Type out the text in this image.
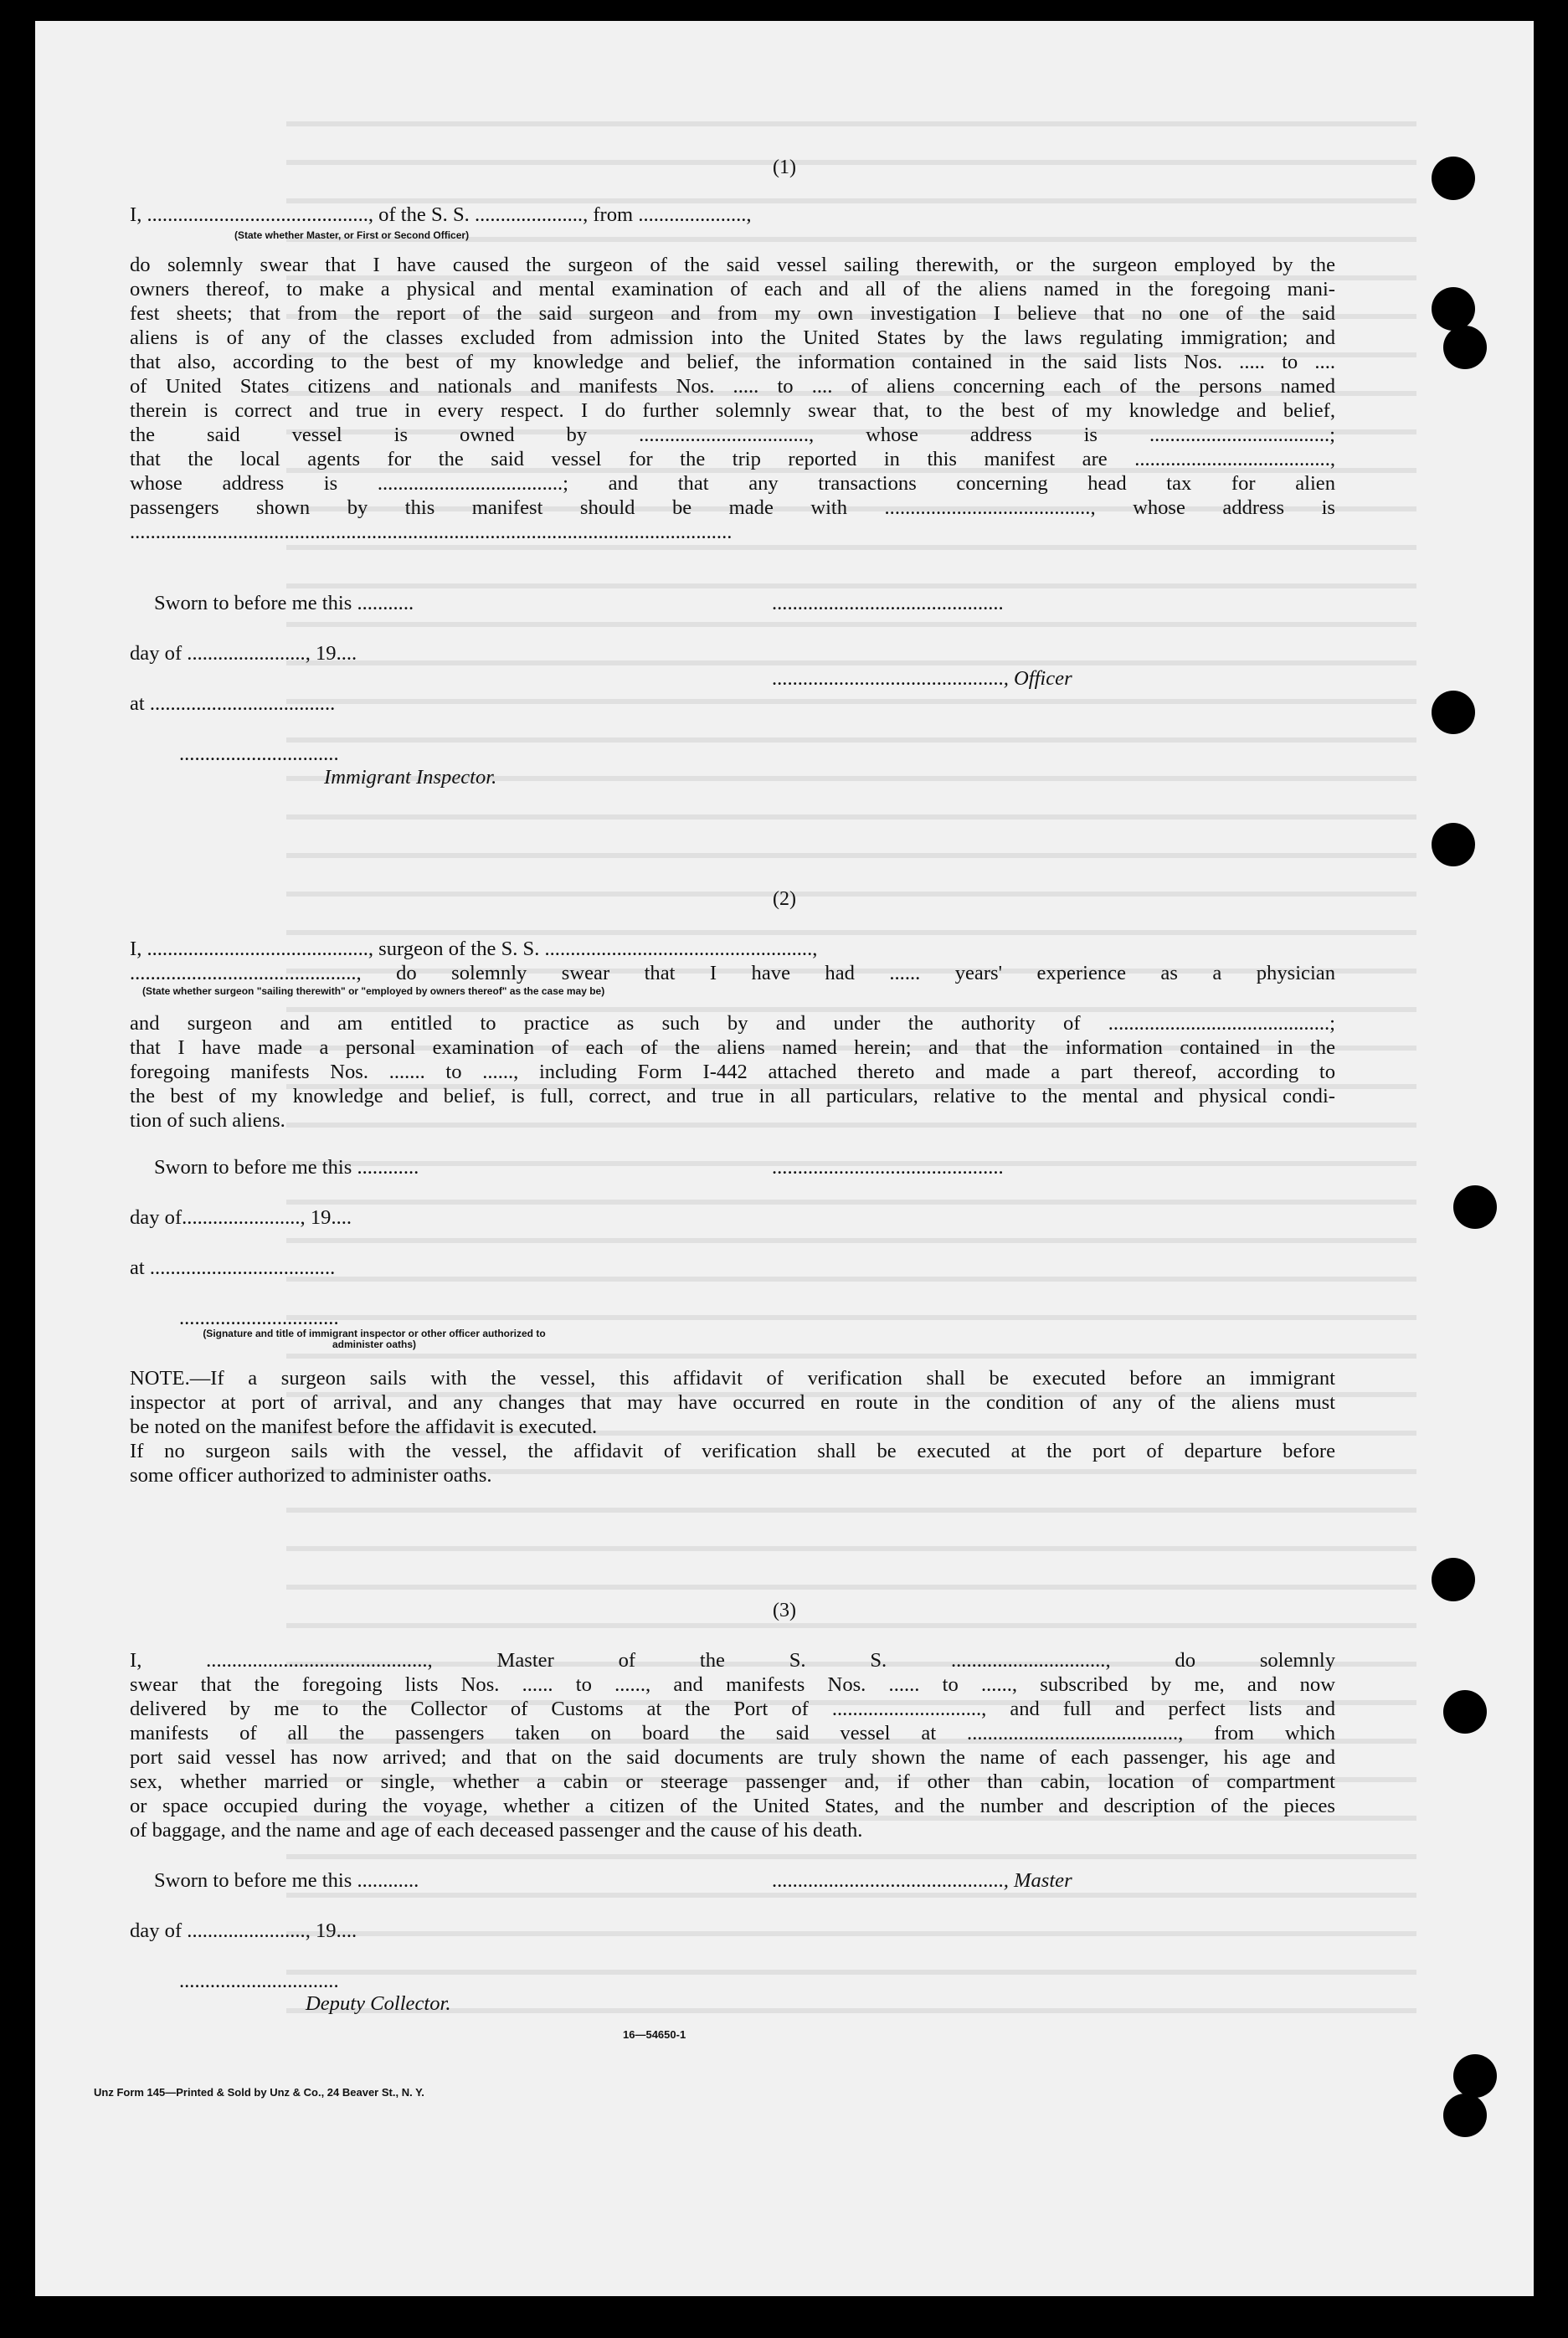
(1)
I, ..........................................., of the S. S. ....................., from .....................,
(State whether Master, or First or Second Officer)
do solemnly swear that I have caused the surgeon of the said vessel sailing therewith, or the surgeon employed by the
owners thereof, to make a physical and mental examination of each and all of the aliens named in the foregoing mani-
fest sheets; that from the report of the said surgeon and from my own investigation I believe that no one of the said
aliens is of any of the classes excluded from admission into the United States by the laws regulating immigration; and
that also, according to the best of my knowledge and belief, the information contained in the said lists Nos. ..... to ....
of United States citizens and nationals and manifests Nos. ..... to .... of aliens concerning each of the persons named
therein is correct and true in every respect. I do further solemnly swear that, to the best of my knowledge and belief,
the said vessel is owned by ................................., whose address is ...................................;
that the local agents for the said vessel for the trip reported in this manifest are ......................................,
whose address is ....................................; and that any transactions concerning head tax for alien
passengers shown by this manifest should be made with ........................................, whose address is
.....................................................................................................................
Sworn to before me this ...........	.............................................
day of ......................., 19....
............................................., Officer
at ....................................
...............................
Immigrant Inspector.
(2)
I, ..........................................., surgeon of the S. S. ....................................................,
............................................, do solemnly swear that I have had ...... years' experience as a physician
(State whether surgeon "sailing therewith" or "employed by owners thereof" as the case may be)
and surgeon and am entitled to practice as such by and under the authority of ...........................................;
that I have made a personal examination of each of the aliens named herein; and that the information contained in the
foregoing manifests Nos. ....... to ......, including Form I-442 attached thereto and made a part thereof, according to
the best of my knowledge and belief, is full, correct, and true in all particulars, relative to the mental and physical condi-
tion of such aliens.
Sworn to before me this ............	.............................................
day of......................., 19....
at ....................................
...............................
(Signature and title of immigrant inspector or other officer authorized to administer oaths)
NOTE.—If a surgeon sails with the vessel, this affidavit of verification shall be executed before an immigrant
inspector at port of arrival, and any changes that may have occurred en route in the condition of any of the aliens must
be noted on the manifest before the affidavit is executed.
If no surgeon sails with the vessel, the affidavit of verification shall be executed at the port of departure before
some officer authorized to administer oaths.
(3)
I, ..........................................., Master of the S. S. .............................., do solemnly
swear that the foregoing lists Nos. ...... to ......, and manifests Nos. ...... to ......, subscribed by me, and now
delivered by me to the Collector of Customs at the Port of ............................., and full and perfect lists and
manifests of all the passengers taken on board the said vessel at ........................................., from which
port said vessel has now arrived; and that on the said documents are truly shown the name of each passenger, his age and
sex, whether married or single, whether a cabin or steerage passenger and, if other than cabin, location of compartment
or space occupied during the voyage, whether a citizen of the United States, and the number and description of the pieces
of baggage, and the name and age of each deceased passenger and the cause of his death.
Sworn to before me this ............	............................................., Master
day of ......................., 19....
...............................
Deputy Collector.
16—54650-1
Unz Form 145—Printed & Sold by Unz & Co., 24 Beaver St., N. Y.
